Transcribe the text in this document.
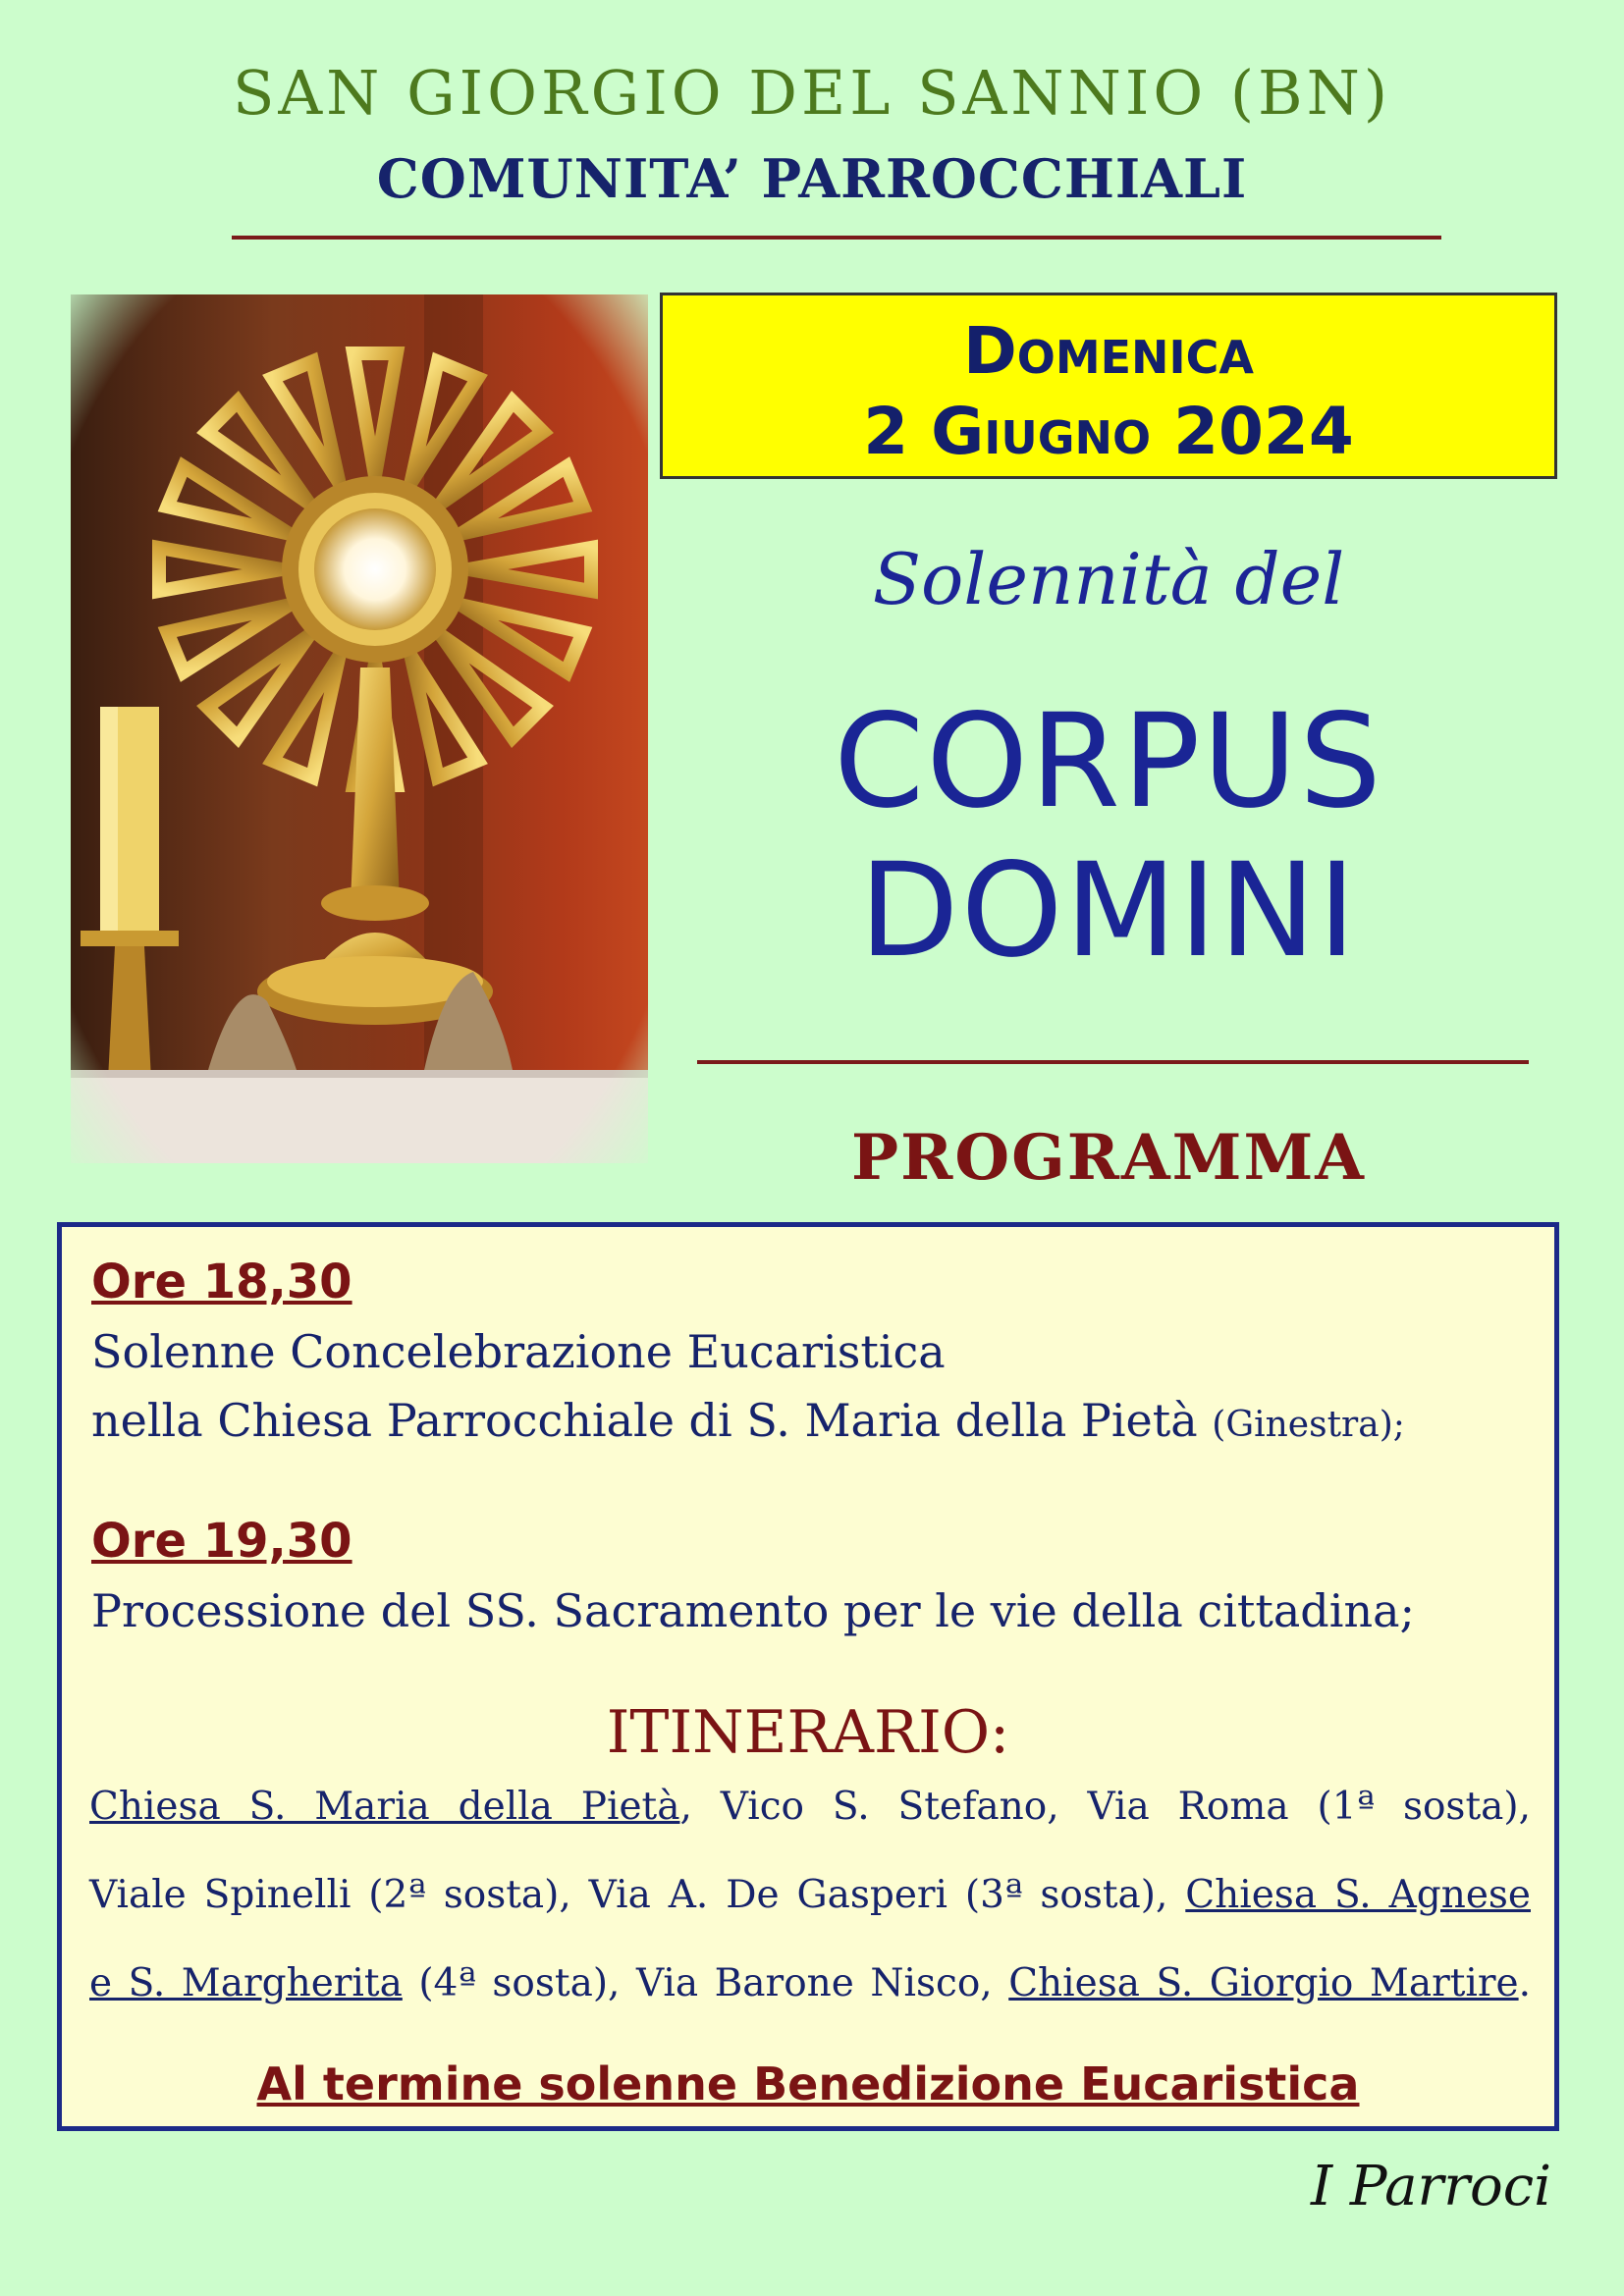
SAN GIORGIO DEL SANNIO (BN)
COMUNITA’ PARROCCHIALI
Domenica
2 Giugno 2024
Solennità del
CORPUS
DOMINI
PROGRAMMA
Ore 18,30
Solenne Concelebrazione Eucaristica
nella Chiesa Parrocchiale di S. Maria della Pietà (Ginestra);
Ore 19,30
Processione del SS. Sacramento per le vie della cittadina;
ITINERARIO:
Chiesa S. Maria della Pietà, Vico S. Stefano, Via Roma (1ª sosta),
Viale Spinelli (2ª sosta), Via A. De Gasperi (3ª sosta), Chiesa S. Agnese
e S. Margherita (4ª sosta), Via Barone Nisco, Chiesa S. Giorgio Martire.
Al termine solenne Benedizione Eucaristica
I Parroci
